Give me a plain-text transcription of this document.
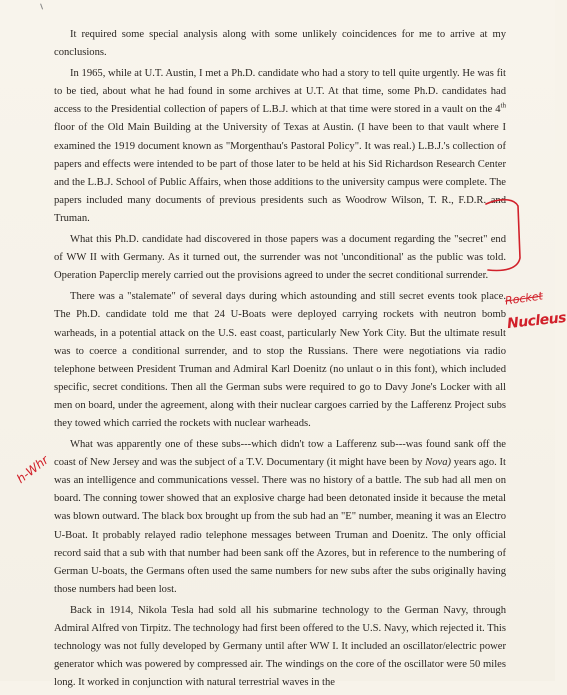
It required some special analysis along with some unlikely coincidences for me to arrive at my conclusions.

In 1965, while at U.T. Austin, I met a Ph.D. candidate who had a story to tell quite urgently. He was fit to be tied, about what he had found in some archives at U.T. At that time, some Ph.D. candidates had access to the Presidential collection of papers of L.B.J. which at that time were stored in a vault on the 4th floor of the Old Main Building at the University of Texas at Austin. (I have been to that vault where I examined the 1919 document known as "Morgenthau's Pastoral Policy". It was real.) L.B.J.'s collection of papers and effects were intended to be part of those later to be held at his Sid Richardson Research Center and the L.B.J. School of Public Affairs, when those additions to the university campus were complete. The papers included many documents of previous presidents such as Woodrow Wilson, T. R., F.D.R. and Truman.

What this Ph.D. candidate had discovered in those papers was a document regarding the "secret" end of WW II with Germany. As it turned out, the surrender was not 'unconditional' as the public was told. Operation Paperclip merely carried out the provisions agreed to under the secret conditional surrender.

There was a "stalemate" of several days during which astounding and still secret events took place. The Ph.D. candidate told me that 24 U-Boats were deployed carrying rockets with neutron bomb warheads, in a potential attack on the U.S. east coast, particularly New York City. But the ultimate result was to coerce a conditional surrender, and to stop the Russians. There were negotiations via radio telephone between President Truman and Admiral Karl Doenitz (no unlaut o in this font), which included specific, secret conditions. Then all the German subs were required to go to Davy Jone's Locker with all men on board, under the agreement, along with their nuclear cargoes carried by the Lafferenz Project subs they towed which carried the rockets with nuclear warheads.

What was apparently one of these subs---which didn't tow a Lafferenz sub---was found sank off the coast of New Jersey and was the subject of a T.V. Documentary (it might have been by Nova) years ago. It was an intelligence and communications vessel. There was no history of a battle. The sub had all men on board. The conning tower showed that an explosive charge had been detonated inside it because the metal was blown outward. The black box brought up from the sub had an "E" number, meaning it was an Electro U-Boat. It probably relayed radio telephone messages between Truman and Doenitz. The only official record said that a sub with that number had been sank off the Azores, but in reference to the numbering of German U-boats, the Germans often used the same numbers for new subs after the subs originally having those numbers had been lost.

Back in 1914, Nikola Tesla had sold all his submarine technology to the German Navy, through Admiral Alfred von Tirpitz. The technology had first been offered to the U.S. Navy, which rejected it. This technology was not fully developed by Germany until after WW I. It included an oscillator/electric power generator which was powered by compressed air. The windings on the core of the oscillator were 50 miles long. It worked in conjunction with natural terrestrial waves in the

Rocket
Nucleus
h-Whr
